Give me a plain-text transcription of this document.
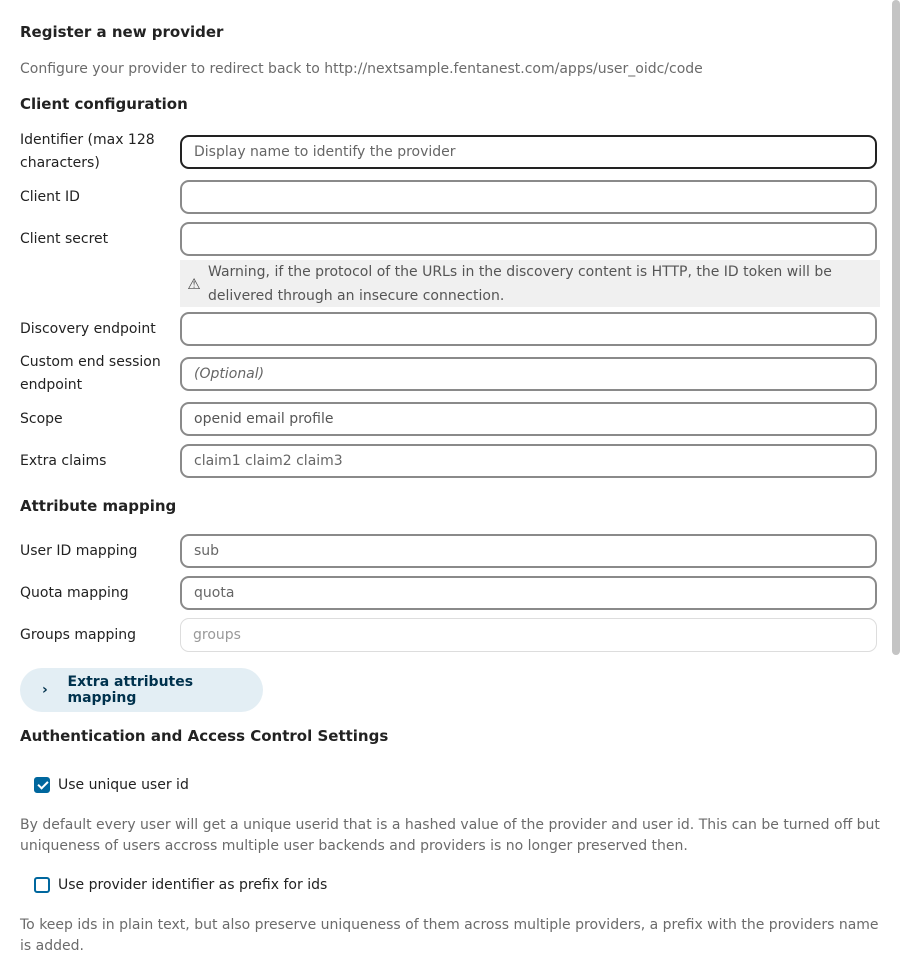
Register a new provider
Configure your provider to redirect back to http://nextsample.fentanest.com/apps/user_oidc/code
Client configuration
Identifier (max 128 characters)
Display name to identify the provider
Client ID
Client secret
⚠
Warning, if the protocol of the URLs in the discovery content is HTTP, the ID token will be delivered through an insecure connection.
Discovery endpoint
Custom end session endpoint
(Optional)
Scope
openid email profile
Extra claims
claim1 claim2 claim3
Attribute mapping
User ID mapping
sub
Quota mapping
quota
Groups mapping
groups
›	Extra attributes mapping
Authentication and Access Control Settings
Use unique user id
By default every user will get a unique userid that is a hashed value of the provider and user id. This can be turned off but uniqueness of users accross multiple user backends and providers is no longer preserved then.
Use provider identifier as prefix for ids
To keep ids in plain text, but also preserve uniqueness of them across multiple providers, a prefix with the providers name is added.
